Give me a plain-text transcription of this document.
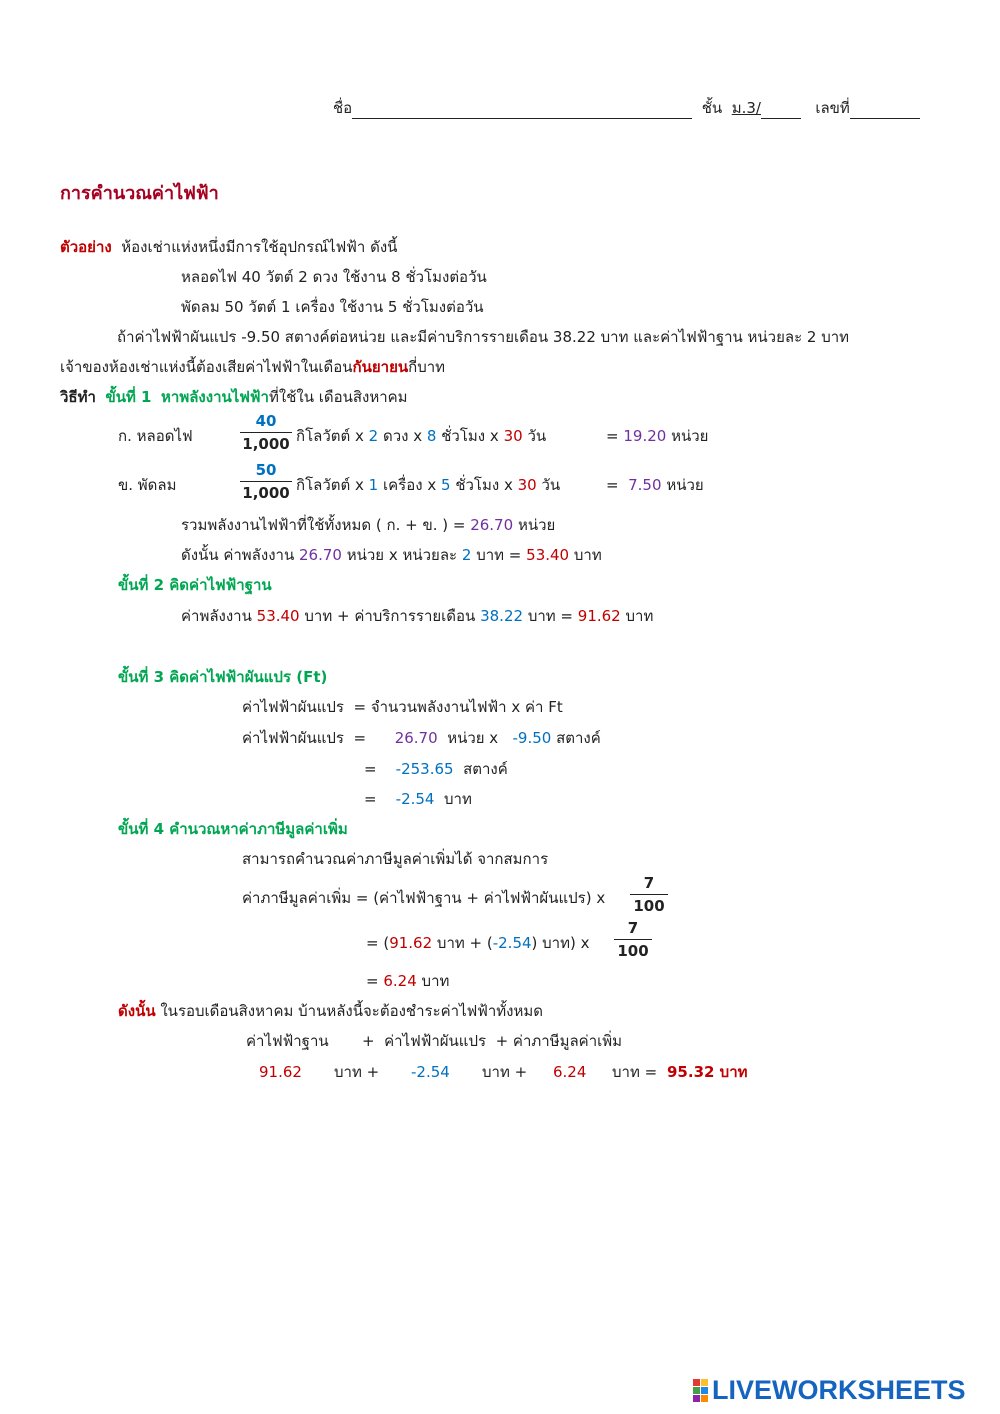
ชื่อ	ชั้น ม.3/	เลขที่
การคำนวณค่าไฟฟ้า
ตัวอย่าง ห้องเช่าแห่งหนึ่งมีการใช้อุปกรณ์ไฟฟ้า ดังนี้
หลอดไฟ 40 วัตต์ 2 ดวง ใช้งาน 8 ชั่วโมงต่อวัน
พัดลม 50 วัตต์ 1 เครื่อง ใช้งาน 5 ชั่วโมงต่อวัน
ถ้าค่าไฟฟ้าผันแปร -9.50 สตางค์ต่อหน่วย และมีค่าบริการรายเดือน 38.22 บาท และค่าไฟฟ้าฐาน หน่วยละ 2 บาท
เจ้าของห้องเช่าแห่งนี้ต้องเสียค่าไฟฟ้าในเดือนกันยายนกี่บาท
วิธีทำ ขั้นที่ 1 หาพลังงานไฟฟ้าที่ใช้ใน เดือนสิงหาคม
ก. หลอดไฟ
40
1,000 กิโลวัตต์ x 2 ดวง x 8 ชั่วโมง x 30 วัน	= 19.20 หน่วย
ข. พัดลม
50
1,000 กิโลวัตต์ x 1 เครื่อง x 5 ชั่วโมง x 30 วัน	= 7.50 หน่วย
รวมพลังงานไฟฟ้าที่ใช้ทั้งหมด ( ก. + ข. ) = 26.70 หน่วย
ดังนั้น ค่าพลังงาน 26.70 หน่วย x หน่วยละ 2 บาท = 53.40 บาท
ขั้นที่ 2 คิดค่าไฟฟ้าฐาน
ค่าพลังงาน 53.40 บาท + ค่าบริการรายเดือน 38.22 บาท = 91.62 บาท
ขั้นที่ 3 คิดค่าไฟฟ้าผันแปร (Ft)
ค่าไฟฟ้าผันแปร = จำนวนพลังงานไฟฟ้า x ค่า Ft
ค่าไฟฟ้าผันแปร = 26.70 หน่วย x -9.50 สตางค์
= -253.65 สตางค์
= -2.54 บาท
ขั้นที่ 4 คำนวณหาค่าภาษีมูลค่าเพิ่ม
สามารถคำนวณค่าภาษีมูลค่าเพิ่มได้ จากสมการ
ค่าภาษีมูลค่าเพิ่ม = (ค่าไฟฟ้าฐาน + ค่าไฟฟ้าผันแปร) x
7
100
= (91.62 บาท + (-2.54) บาท) x
7
100
= 6.24 บาท
ดังนั้น ในรอบเดือนสิงหาคม บ้านหลังนี้จะต้องชำระค่าไฟฟ้าทั้งหมด
ค่าไฟฟ้าฐาน       +  ค่าไฟฟ้าผันแปร  + ค่าภาษีมูลค่าเพิ่ม
91.62 บาท + -2.54 บาท + 6.24 บาท = 95.32 บาท
LIVEWORKSHEETS
